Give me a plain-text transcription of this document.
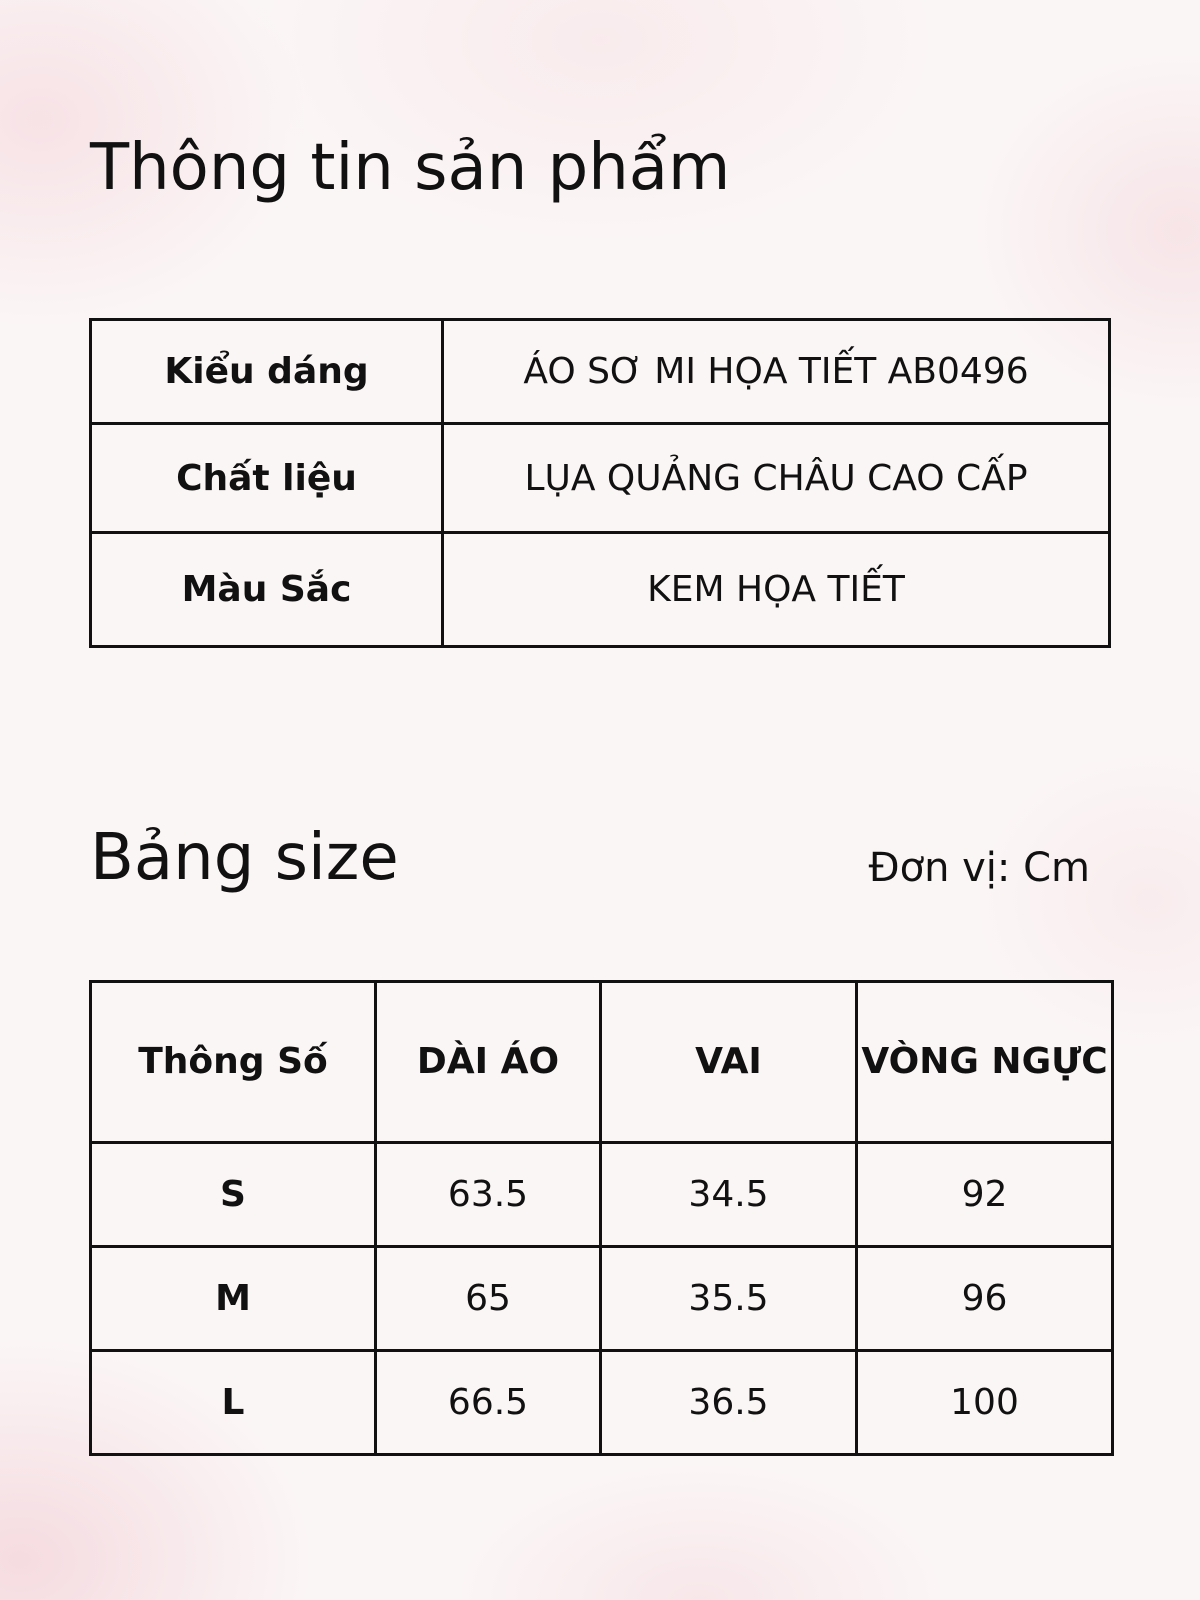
Thông tin sản phẩm
Kiểu dáng	ÁO SƠ MI HỌA TIẾT AB0496
Chất liệu	LỤA QUẢNG CHÂU CAO CẤP
Màu Sắc	KEM HỌA TIẾT
Bảng size	Đơn vị: Cm
Thông Số	DÀI ÁO	VAI	VÒNG NGỰC
S	63.5	34.5	92
M	65	35.5	96
L	66.5	36.5	100
